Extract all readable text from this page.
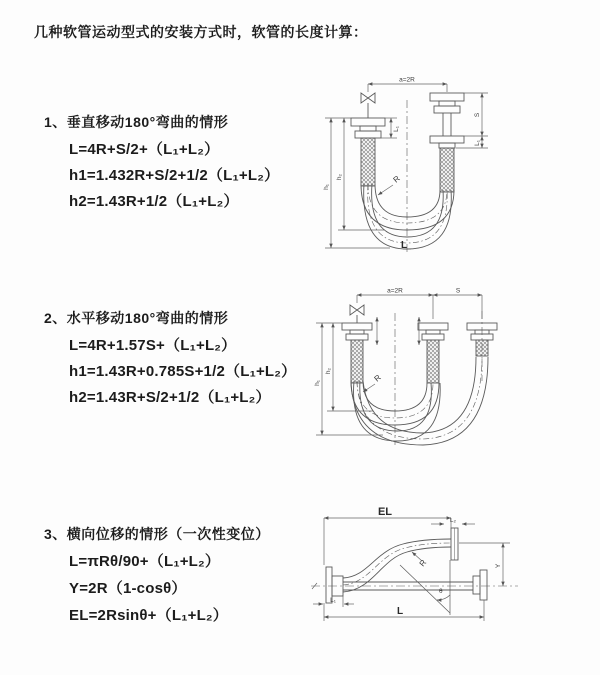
几种软管运动型式的安装方式时，软管的长度计算：
1、垂直移动180°弯曲的情形
L=4R+S/2+（L₁+L₂）
h1=1.432R+S/2+1/2（L₁+L₂）
h2=1.43R+1/2（L₁+L₂）
2、水平移动180°弯曲的情形
L=4R+1.57S+（L₁+L₂）
h1=1.43R+0.785S+1/2（L₁+L₂）
h2=1.43R+S/2+1/2（L₁+L₂）
3、横向位移的情形（一次性变位）
L=πRθ/90+（L₁+L₂）
Y=2R（1-cosθ）
EL=2Rsinθ+（L₁+L₂）
a=2R
h₁
h₂
L₁
S
L₁
R
L
a=2R	S
h₁
h₂
R
EL
L₂
Y
L
L₁
R
θ
